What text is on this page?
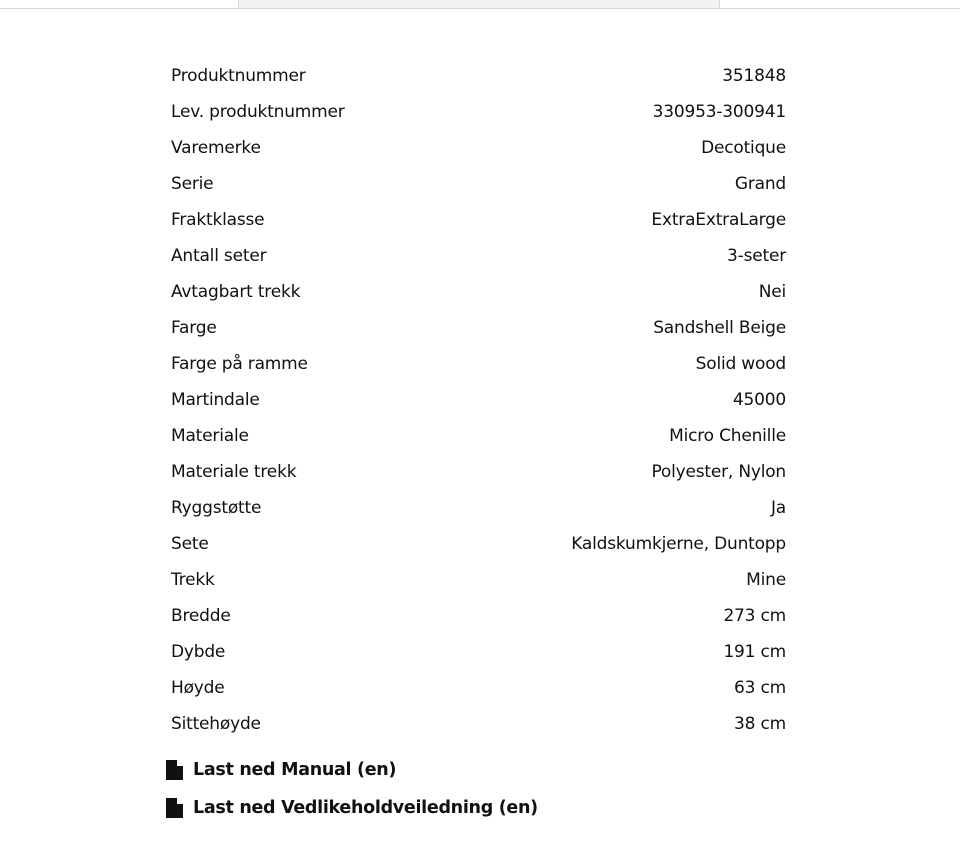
Produktnummer	351848
Lev. produktnummer	330953-300941
Varemerke	Decotique
Serie	Grand
Fraktklasse	ExtraExtraLarge
Antall seter	3-seter
Avtagbart trekk	Nei
Farge	Sandshell Beige
Farge på ramme	Solid wood
Martindale	45000
Materiale	Micro Chenille
Materiale trekk	Polyester, Nylon
Ryggstøtte	Ja
Sete	Kaldskumkjerne, Duntopp
Trekk	Mine
Bredde	273 cm
Dybde	191 cm
Høyde	63 cm
Sittehøyde	38 cm
Last ned Manual (en)
Last ned Vedlikeholdveiledning (en)
